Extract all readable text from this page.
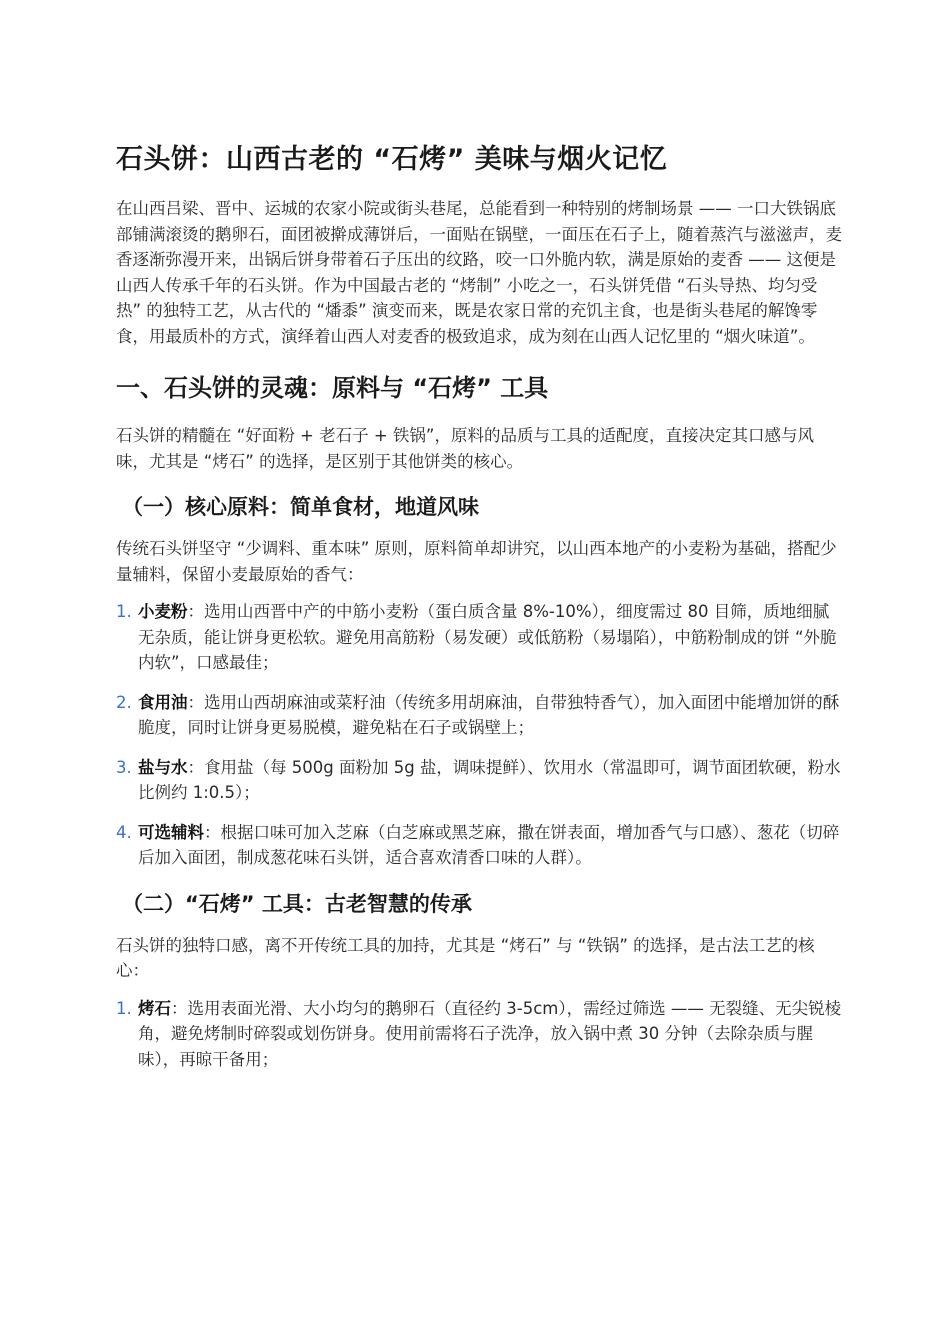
石头饼：山西古老的 “石烤” 美味与烟火记忆

在山西吕梁、晋中、运城的农家小院或街头巷尾，总能看到一种特别的烤制场景 —— 一口大铁锅底部铺满滚烫的鹅卵石，面团被擀成薄饼后，一面贴在锅壁，一面压在石子上，随着蒸汽与滋滋声，麦香逐渐弥漫开来，出锅后饼身带着石子压出的纹路，咬一口外脆内软，满是原始的麦香 —— 这便是山西人传承千年的石头饼。作为中国最古老的 “烤制” 小吃之一，石头饼凭借 “石头导热、均匀受热” 的独特工艺，从古代的 “燔黍” 演变而来，既是农家日常的充饥主食，也是街头巷尾的解馋零食，用最质朴的方式，演绎着山西人对麦香的极致追求，成为刻在山西人记忆里的 “烟火味道”。

一、石头饼的灵魂：原料与 “石烤” 工具

石头饼的精髓在 “好面粉 + 老石子 + 铁锅”，原料的品质与工具的适配度，直接决定其口感与风味，尤其是 “烤石” 的选择，是区别于其他饼类的核心。

（一）核心原料：简单食材，地道风味

传统石头饼坚守 “少调料、重本味” 原则，原料简单却讲究，以山西本地产的小麦粉为基础，搭配少量辅料，保留小麦最原始的香气：

1. 小麦粉：选用山西晋中产的中筋小麦粉（蛋白质含量 8%-10%），细度需过 80 目筛，质地细腻无杂质，能让饼身更松软。避免用高筋粉（易发硬）或低筋粉（易塌陷），中筋粉制成的饼 “外脆内软”，口感最佳；
2. 食用油：选用山西胡麻油或菜籽油（传统多用胡麻油，自带独特香气），加入面团中能增加饼的酥脆度，同时让饼身更易脱模，避免粘在石子或锅壁上；
3. 盐与水：食用盐（每 500g 面粉加 5g 盐，调味提鲜）、饮用水（常温即可，调节面团软硬，粉水比例约 1:0.5）；
4. 可选辅料：根据口味可加入芝麻（白芝麻或黑芝麻，撒在饼表面，增加香气与口感）、葱花（切碎后加入面团，制成葱花味石头饼，适合喜欢清香口味的人群）。
（二）“石烤” 工具：古老智慧的传承

石头饼的独特口感，离不开传统工具的加持，尤其是 “烤石” 与 “铁锅” 的选择，是古法工艺的核心：

1. 烤石：选用表面光滑、大小均匀的鹅卵石（直径约 3-5cm），需经过筛选 —— 无裂缝、无尖锐棱角，避免烤制时碎裂或划伤饼身。使用前需将石子洗净，放入锅中煮 30 分钟（去除杂质与腥味），再晾干备用；
